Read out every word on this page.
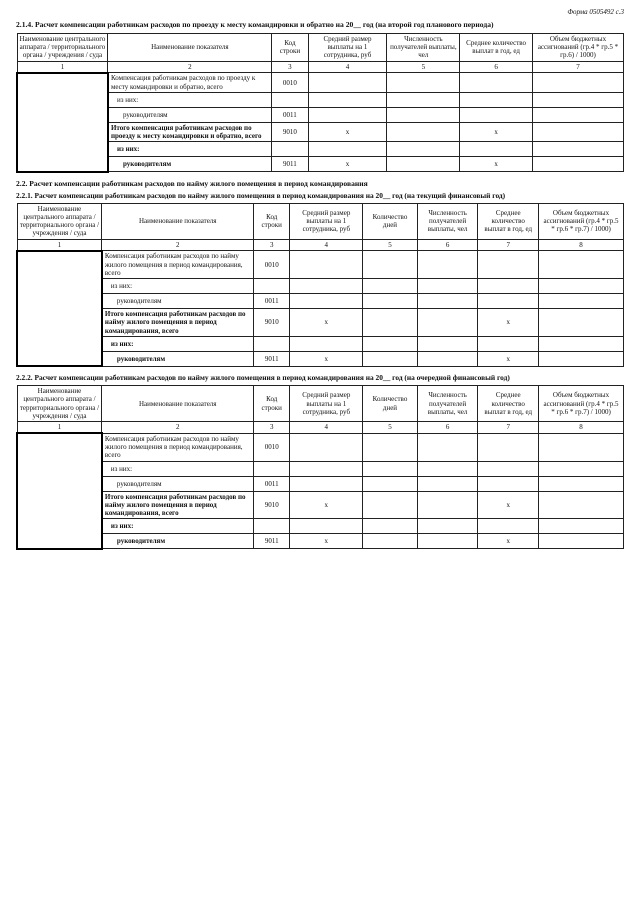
Форма 0505492 с.3
2.1.4. Расчет компенсации работникам расходов по проезду к месту командировки и обратно на 20__ год (на второй год планового периода)
Наименование центрального аппарата / территориального органа / учреждения / суда	Наименование показателя	Код строки	Средний размер выплаты на 1 сотрудника, руб	Численность получателей выплаты, чел	Среднее количество выплат в год, ед	Объем бюджетных ассигнований (гр.4 * гр.5 * гр.6) / 1000)
1	2	3	4	5	6	7
	Компенсация работникам расходов по проезду к месту командировки и обратно, всего	0010				
	из них:					
	руководителям	0011				
	Итого компенсация работникам расходов по проезду к месту командировки и обратно, всего	9010	x		x	
	из них:					
	руководителям	9011	x		x	
2.2. Расчет компенсации работникам расходов по найму жилого помещения в период командирования
2.2.1. Расчет компенсации работникам расходов по найму жилого помещения в период командирования на 20__ год (на текущий финансовый год)
Наименование центрального аппарата / территориального органа / учреждения / суда	Наименование показателя	Код строки	Средний размер выплаты на 1 сотрудника, руб	Количество дней	Численность получателей выплаты, чел	Среднее количество выплат в год, ед	Объем бюджетных ассигнований (гр.4 * гр.5 * гр.6 * гр.7) / 1000)
1	2	3	4	5	6	7	8
	Компенсация работникам расходов по найму жилого помещения в период командирования, всего	0010					
	из них:						
	руководителям	0011					
	Итого компенсация работникам расходов по найму жилого помещения в период командирования, всего	9010	x			x	
	из них:						
	руководителям	9011	x			x	
2.2.2. Расчет компенсации работникам расходов по найму жилого помещения в период командирования на 20__ год (на очередной финансовый год)
Наименование центрального аппарата / территориального органа / учреждения / суда	Наименование показателя	Код строки	Средний размер выплаты на 1 сотрудника, руб	Количество дней	Численность получателей выплаты, чел	Среднее количество выплат в год, ед	Объем бюджетных ассигнований (гр.4 * гр.5 * гр.6 * гр.7) / 1000)
1	2	3	4	5	6	7	8
	Компенсация работникам расходов по найму жилого помещения в период командирования, всего	0010					
	из них:						
	руководителям	0011					
	Итого компенсация работникам расходов по найму жилого помещения в период командирования, всего	9010	x			x	
	из них:						
	руководителям	9011	x			x	
